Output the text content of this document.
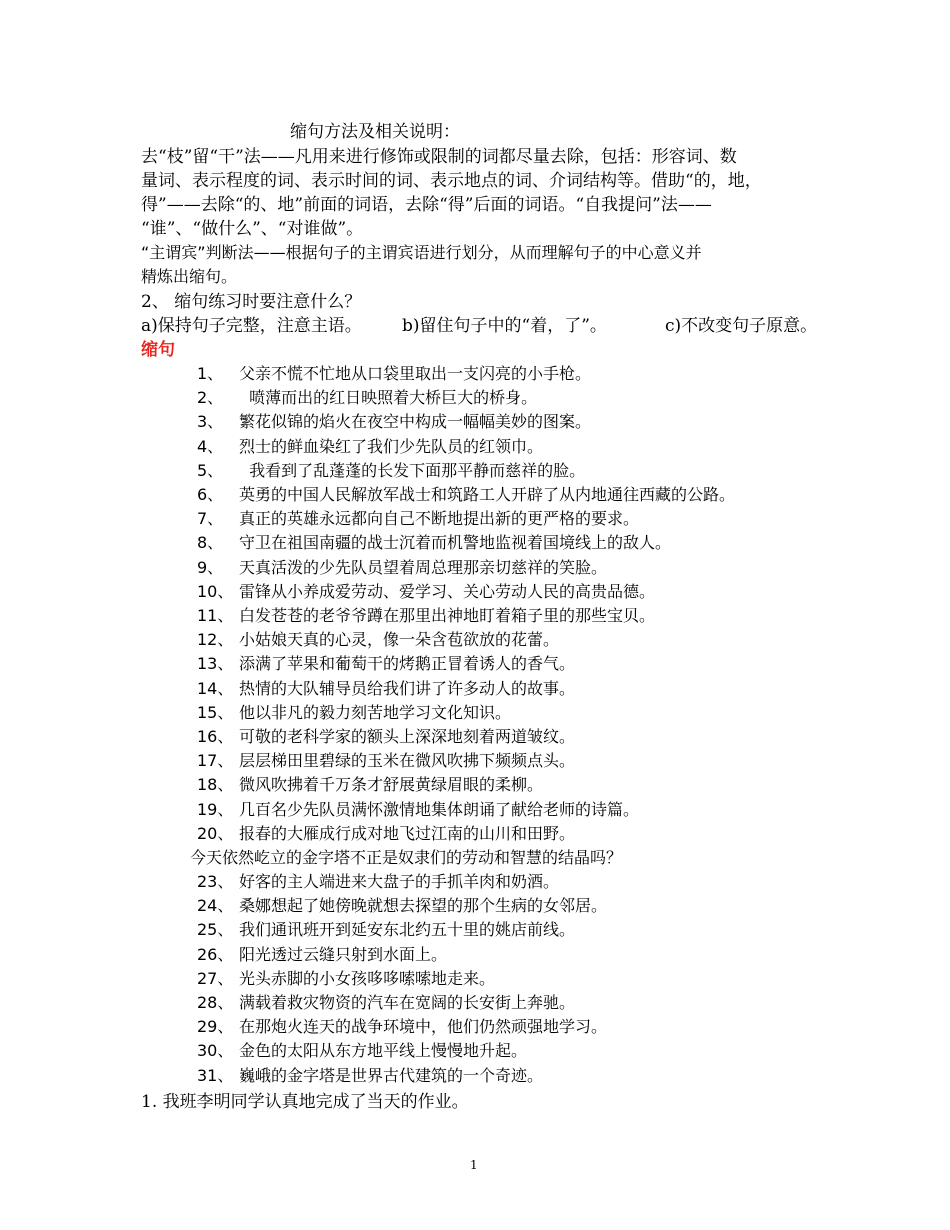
缩句方法及相关说明：
去“枝”留“干”法——凡用来进行修饰或限制的词都尽量去除，包括：形容词、数
量词、表示程度的词、表示时间的词、表示地点的词、介词结构等。借助“的，地，
得”——去除“的、地”前面的词语，去除“得”后面的词语。“自我提问”法——
“谁”、“做什么”、“对谁做”。
“主谓宾”判断法——根据句子的主谓宾语进行划分，从而理解句子的中心意义并
精炼出缩句。
2、 缩句练习时要注意什么？
a)保持句子完整，注意主语。 b)留住句子中的“着，了”。	c)不改变句子原意。
缩句
1、 父亲不慌不忙地从口袋里取出一支闪亮的小手枪。
2、  喷薄而出的红日映照着大桥巨大的桥身。
3、 繁花似锦的焰火在夜空中构成一幅幅美妙的图案。
4、 烈士的鲜血染红了我们少先队员的红领巾。
5、  我看到了乱蓬蓬的长发下面那平静而慈祥的脸。
6、 英勇的中国人民解放军战士和筑路工人开辟了从内地通往西藏的公路。
7、 真正的英雄永远都向自己不断地提出新的更严格的要求。
8、 守卫在祖国南疆的战士沉着而机警地监视着国境线上的敌人。
9、 天真活泼的少先队员望着周总理那亲切慈祥的笑脸。
10、 雷锋从小养成爱劳动、爱学习、关心劳动人民的高贵品德。
11、 白发苍苍的老爷爷蹲在那里出神地盯着箱子里的那些宝贝。
12、 小姑娘天真的心灵，像一朵含苞欲放的花蕾。
13、 添满了苹果和葡萄干的烤鹅正冒着诱人的香气。
14、 热情的大队辅导员给我们讲了许多动人的故事。
15、 他以非凡的毅力刻苦地学习文化知识。
16、 可敬的老科学家的额头上深深地刻着两道皱纹。
17、 层层梯田里碧绿的玉米在微风吹拂下频频点头。
18、 微风吹拂着千万条才舒展黄绿眉眼的柔柳。
19、 几百名少先队员满怀激情地集体朗诵了献给老师的诗篇。
20、 报春的大雁成行成对地飞过江南的山川和田野。
今天依然屹立的金字塔不正是奴隶们的劳动和智慧的结晶吗？
23、 好客的主人端进来大盘子的手抓羊肉和奶酒。
24、 桑娜想起了她傍晚就想去探望的那个生病的女邻居。
25、 我们通讯班开到延安东北约五十里的姚店前线。
26、 阳光透过云缝只射到水面上。
27、 光头赤脚的小女孩哆哆嗦嗦地走来。
28、 满载着救灾物资的汽车在宽阔的长安街上奔驰。
29、 在那炮火连天的战争环境中，他们仍然顽强地学习。
30、 金色的太阳从东方地平线上慢慢地升起。
31、 巍峨的金字塔是世界古代建筑的一个奇迹。
1. 我班李明同学认真地完成了当天的作业。
1
